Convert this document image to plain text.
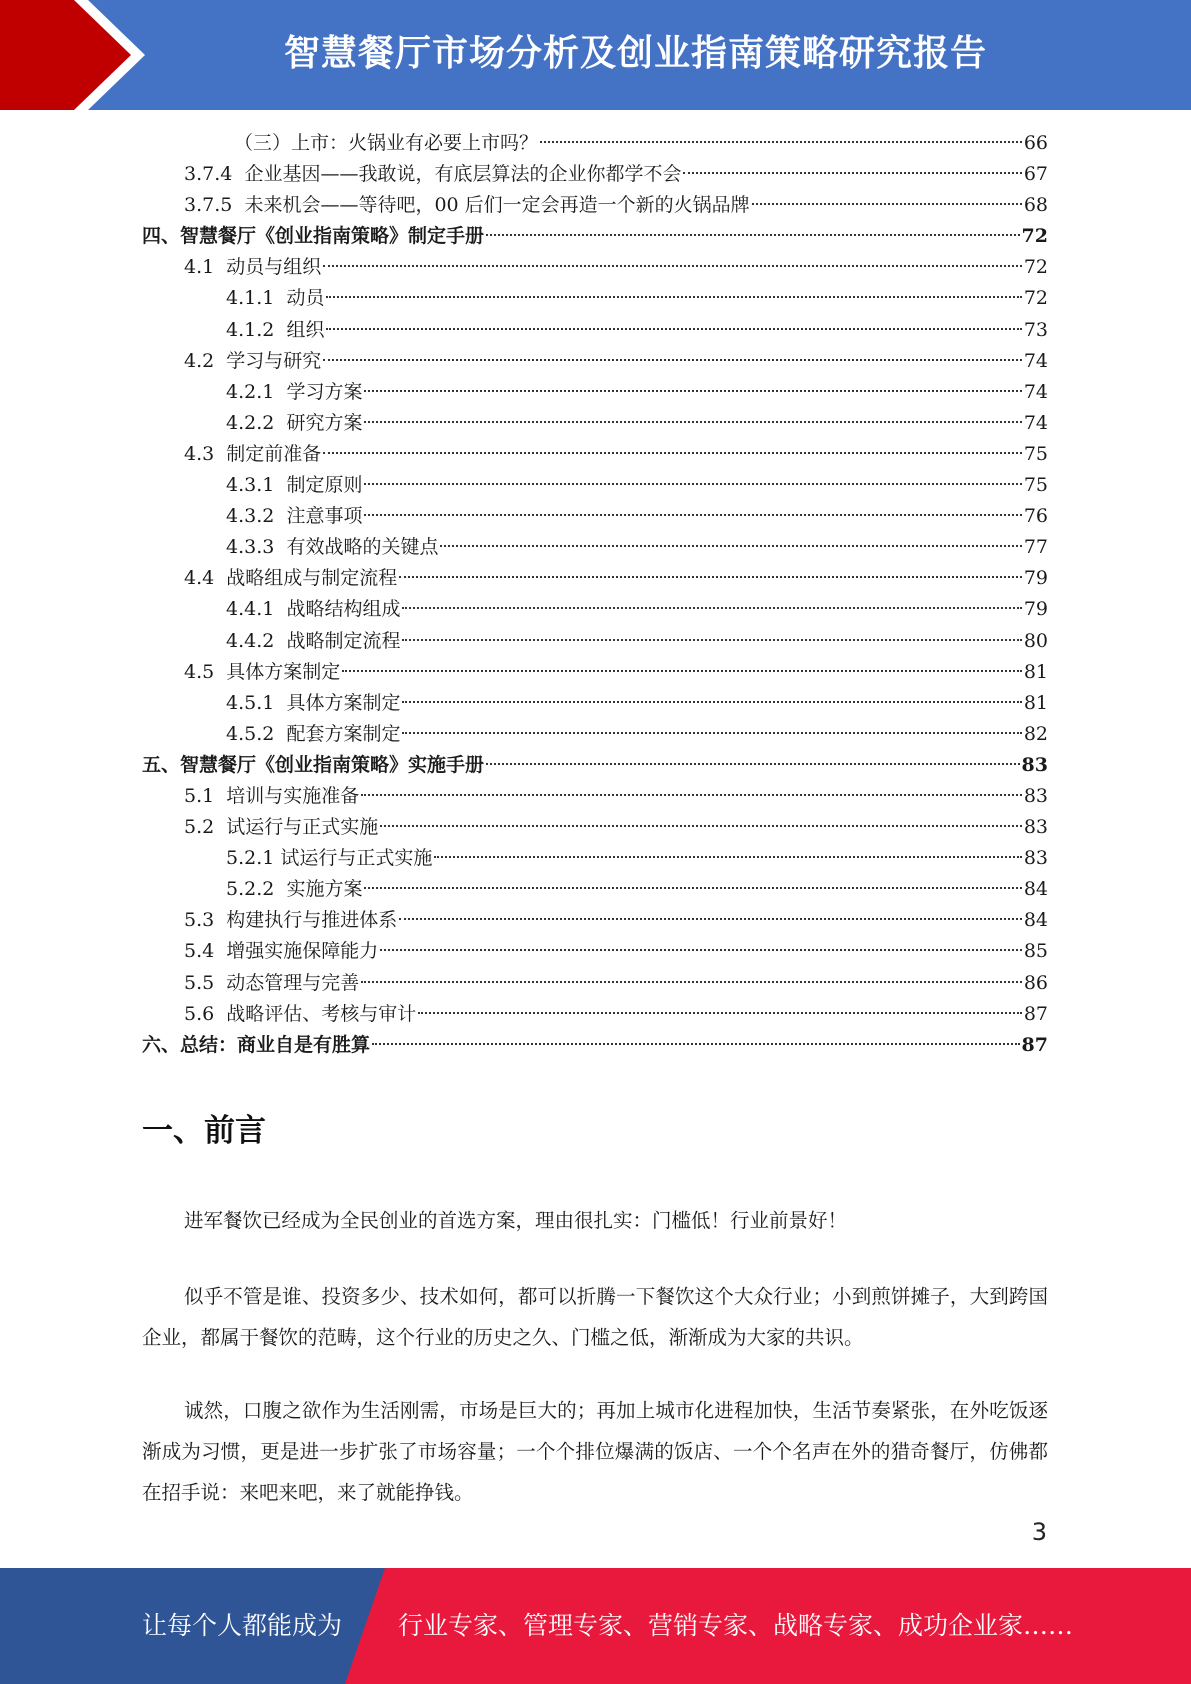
智慧餐厅市场分析及创业指南策略研究报告
（三）上市：火锅业有必要上市吗？	66
3.7.4 企业基因——我敢说，有底层算法的企业你都学不会	67
3.7.5 未来机会——等待吧，00 后们一定会再造一个新的火锅品牌	68
四、智慧餐厅《创业指南策略》制定手册	72
4.1 动员与组织	72
4.1.1 动员	72
4.1.2 组织	73
4.2 学习与研究	74
4.2.1 学习方案	74
4.2.2 研究方案	74
4.3 制定前准备	75
4.3.1 制定原则	75
4.3.2 注意事项	76
4.3.3 有效战略的关键点	77
4.4 战略组成与制定流程	79
4.4.1 战略结构组成	79
4.4.2 战略制定流程	80
4.5 具体方案制定	81
4.5.1 具体方案制定	81
4.5.2 配套方案制定	82
五、智慧餐厅《创业指南策略》实施手册	83
5.1 培训与实施准备	83
5.2 试运行与正式实施	83
5.2.1 试运行与正式实施	83
5.2.2 实施方案	84
5.3 构建执行与推进体系	84
5.4 增强实施保障能力	85
5.5 动态管理与完善	86
5.6 战略评估、考核与审计	87
六、总结：商业自是有胜算	87
一、前言

进军餐饮已经成为全民创业的首选方案，理由很扎实：门槛低！行业前景好！

似乎不管是谁、投资多少、技术如何，都可以折腾一下餐饮这个大众行业；小到煎饼摊子，大到跨国企业，都属于餐饮的范畴，这个行业的历史之久、门槛之低，渐渐成为大家的共识。

诚然，口腹之欲作为生活刚需，市场是巨大的；再加上城市化进程加快，生活节奏紧张，在外吃饭逐渐成为习惯，更是进一步扩张了市场容量；一个个排位爆满的饭店、一个个名声在外的猎奇餐厅，仿佛都在招手说：来吧来吧，来了就能挣钱。

3
让每个人都能成为 行业专家、管理专家、营销专家、战略专家、成功企业家……
